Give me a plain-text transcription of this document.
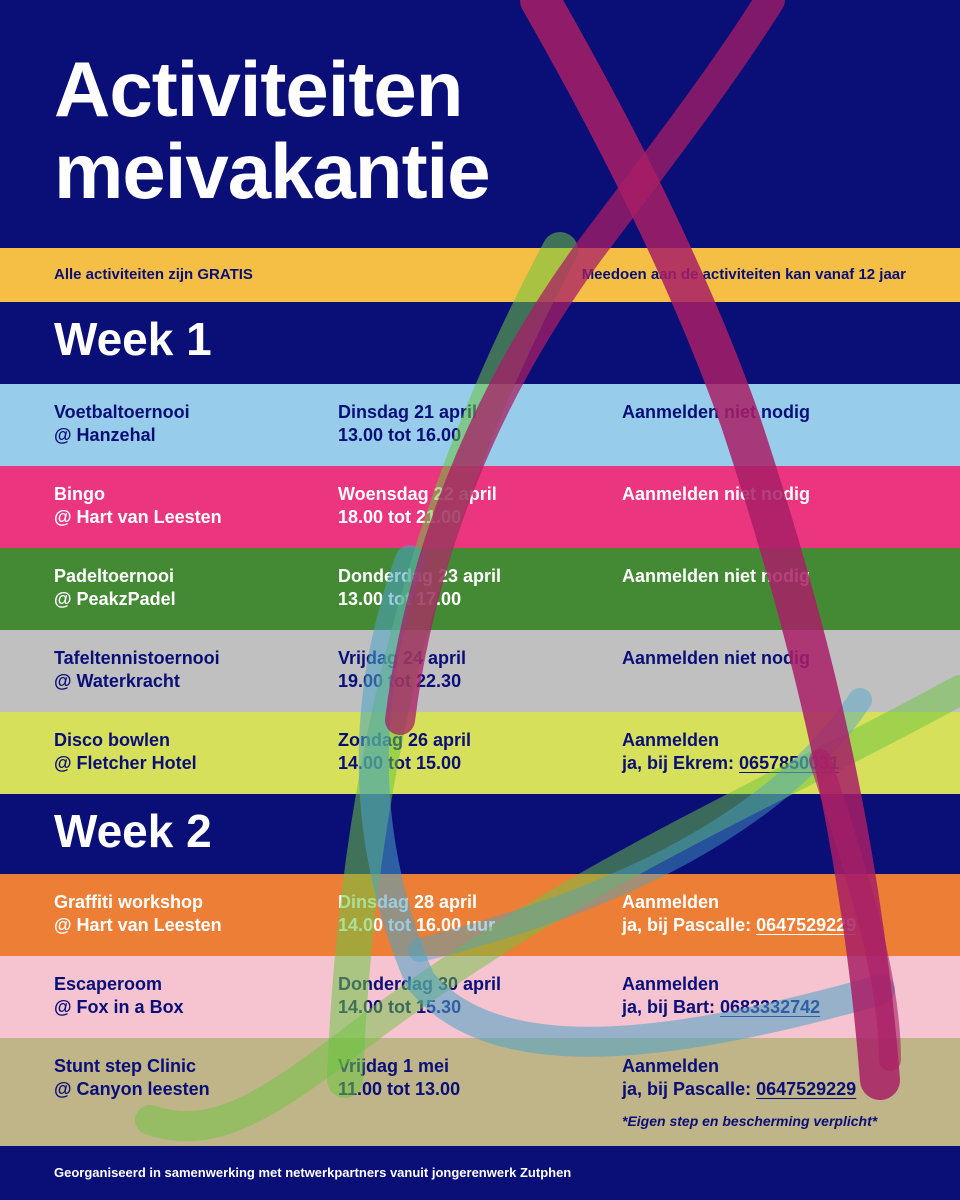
Activiteiten
meivakantie
Alle activiteiten zijn GRATIS	Meedoen aan de activiteiten kan vanaf 12 jaar
Week 1
Voetbaltoernooi
@ Hanzehal
Dinsdag 21 april
13.00 tot 16.00
Aanmelden niet nodig
Bingo
@ Hart van Leesten
Woensdag 22 april
18.00 tot 21.00
Aanmelden niet nodig
Padeltoernooi
@ PeakzPadel
Donderdag 23 april
13.00 tot 17.00
Aanmelden niet nodig
Tafeltennistoernooi
@ Waterkracht
Vrijdag 24 april
19.00 tot 22.30
Aanmelden niet nodig
Disco bowlen
@ Fletcher Hotel
Zondag 26 april
14.00 tot 15.00
Aanmelden
ja, bij Ekrem: 0657850031
Week 2
Graffiti workshop
@ Hart van Leesten
Dinsdag 28 april
14.00 tot 16.00 uur
Aanmelden
ja, bij Pascalle: 0647529229
Escaperoom
@ Fox in a Box
Donderdag 30 april
14.00 tot 15.30
Aanmelden
ja, bij Bart: 0683332742
Stunt step Clinic
@ Canyon leesten
Vrijdag 1 mei
11.00 tot 13.00
Aanmelden
ja, bij Pascalle: 0647529229
*Eigen step en bescherming verplicht*
Georganiseerd in samenwerking met netwerkpartners vanuit jongerenwerk Zutphen
